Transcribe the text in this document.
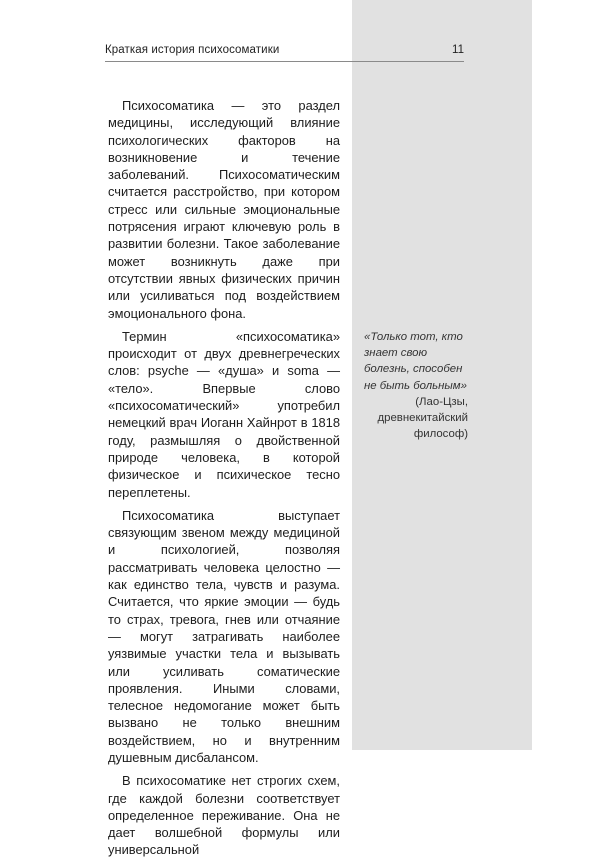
Краткая история психосоматики	11

Психосоматика — это раздел медицины, исследующий влияние психологических факторов на возникновение и течение заболеваний. Психосоматическим считается расстройство, при котором стресс или сильные эмоциональные потрясения играют ключевую роль в развитии болезни. Такое заболевание может возникнуть даже при отсутствии явных физических причин или усиливаться под воздействием эмоционального фона.

Термин «психосоматика» происходит от двух древнегреческих слов: psyche — «душа» и soma — «тело». Впервые слово «психосоматический» употребил немецкий врач Иоганн Хайнрот в 1818 году, размышляя о двойственной природе человека, в которой физическое и психическое тесно переплетены.

Психосоматика выступает связующим звеном между медициной и психологией, позволяя рассматривать человека целостно — как единство тела, чувств и разума. Считается, что яркие эмоции — будь то страх, тревога, гнев или отчаяние — могут затрагивать наиболее уязвимые участки тела и вызывать или усиливать соматические проявления. Иными словами, телесное недомогание может быть вызвано не только внешним воздействием, но и внутренним душевным дисбалансом.

В психосоматике нет строгих схем, где каждой болезни соответствует определенное переживание. Она не дает волшебной формулы или универсальной

«Только тот, кто знает свою болезнь, способен не быть больным»

(Лао-Цзы, древнекитайский философ)
